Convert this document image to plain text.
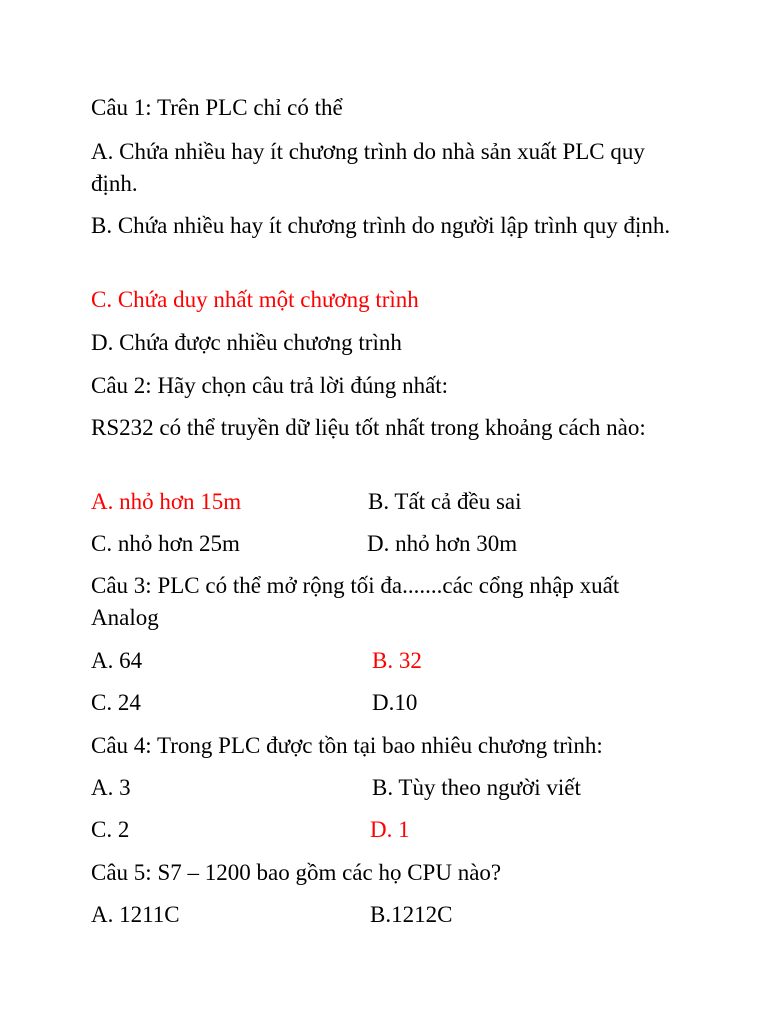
Câu 1: Trên PLC chỉ có thể
A. Chứa nhiều hay ít chương trình do nhà sản xuất PLC quy định.
B. Chứa nhiều hay ít chương trình do người lập trình quy định.
C. Chứa duy nhất một chương trình
D. Chứa được nhiều chương trình
Câu 2: Hãy chọn câu trả lời đúng nhất:
RS232 có thể truyền dữ liệu tốt nhất trong khoảng cách nào:
A. nhỏ hơn 15m	B. Tất cả đều sai
C. nhỏ hơn 25m	D. nhỏ hơn 30m
Câu 3: PLC có thể mở rộng tối đa.......các cổng nhập xuất Analog
A. 64	B. 32
C. 24	D.10
Câu 4: Trong PLC được tồn tại bao nhiêu chương trình:
A. 3	B. Tùy theo người viết
C. 2	D. 1
Câu 5: S7 – 1200 bao gồm các họ CPU nào?
A. 1211C	B.1212C
